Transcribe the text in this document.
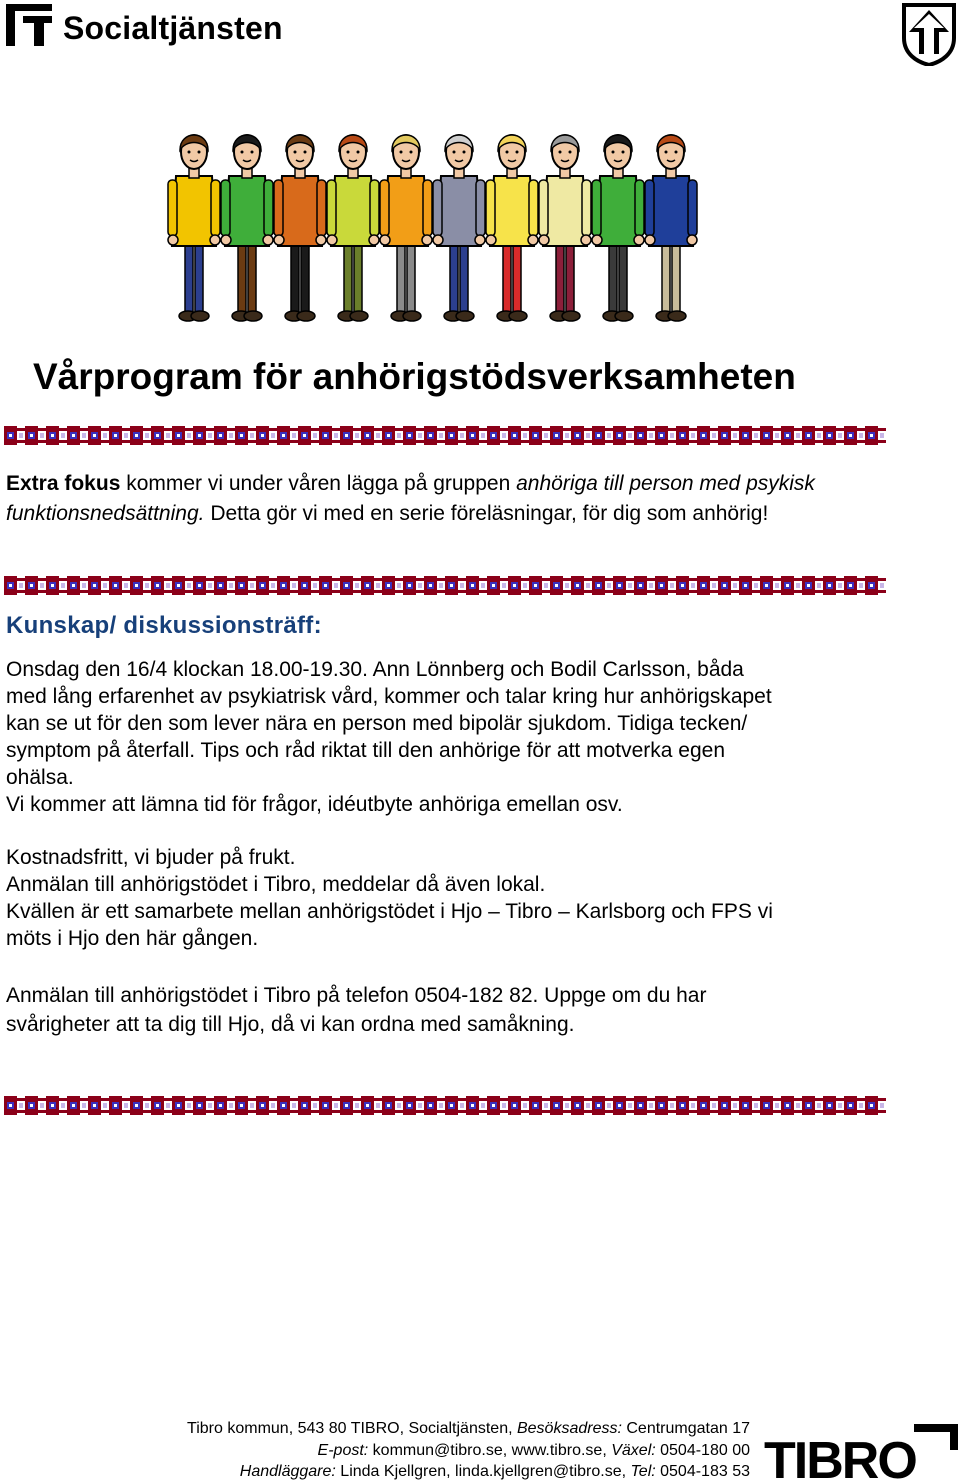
Socialtjänsten
Vårprogram för anhörigstödsverksamheten
Extra fokus kommer vi under våren lägga på gruppen anhöriga till person med psykisk funktionsnedsättning. Detta gör vi med en serie föreläsningar, för dig som anhörig!
Kunskap/ diskussionsträff:
Onsdag den 16/4 klockan 18.00-19.30. Ann Lönnberg och Bodil Carlsson, båda
med lång erfarenhet av psykiatrisk vård, kommer och talar kring hur anhörigskapet
kan se ut för den som lever nära en person med bipolär sjukdom. Tidiga tecken/
symptom på återfall. Tips och råd riktat till den anhörige för att motverka egen
ohälsa.
Vi kommer att lämna tid för frågor, idéutbyte anhöriga emellan osv.
Kostnadsfritt, vi bjuder på frukt.
Anmälan till anhörigstödet i Tibro, meddelar då även lokal.
Kvällen är ett samarbete mellan anhörigstödet i Hjo – Tibro – Karlsborg och FPS vi
möts i Hjo den här gången.
Anmälan till anhörigstödet i Tibro på telefon 0504-182 82. Uppge om du har
svårigheter att ta dig till Hjo, då vi kan ordna med samåkning.
Tibro kommun, 543 80 TIBRO, Socialtjänsten, Besöksadress: Centrumgatan 17
E-post: kommun@tibro.se, www.tibro.se, Växel: 0504-180 00
Handläggare: Linda Kjellgren, linda.kjellgren@tibro.se, Tel: 0504-183 53 TIBRO
